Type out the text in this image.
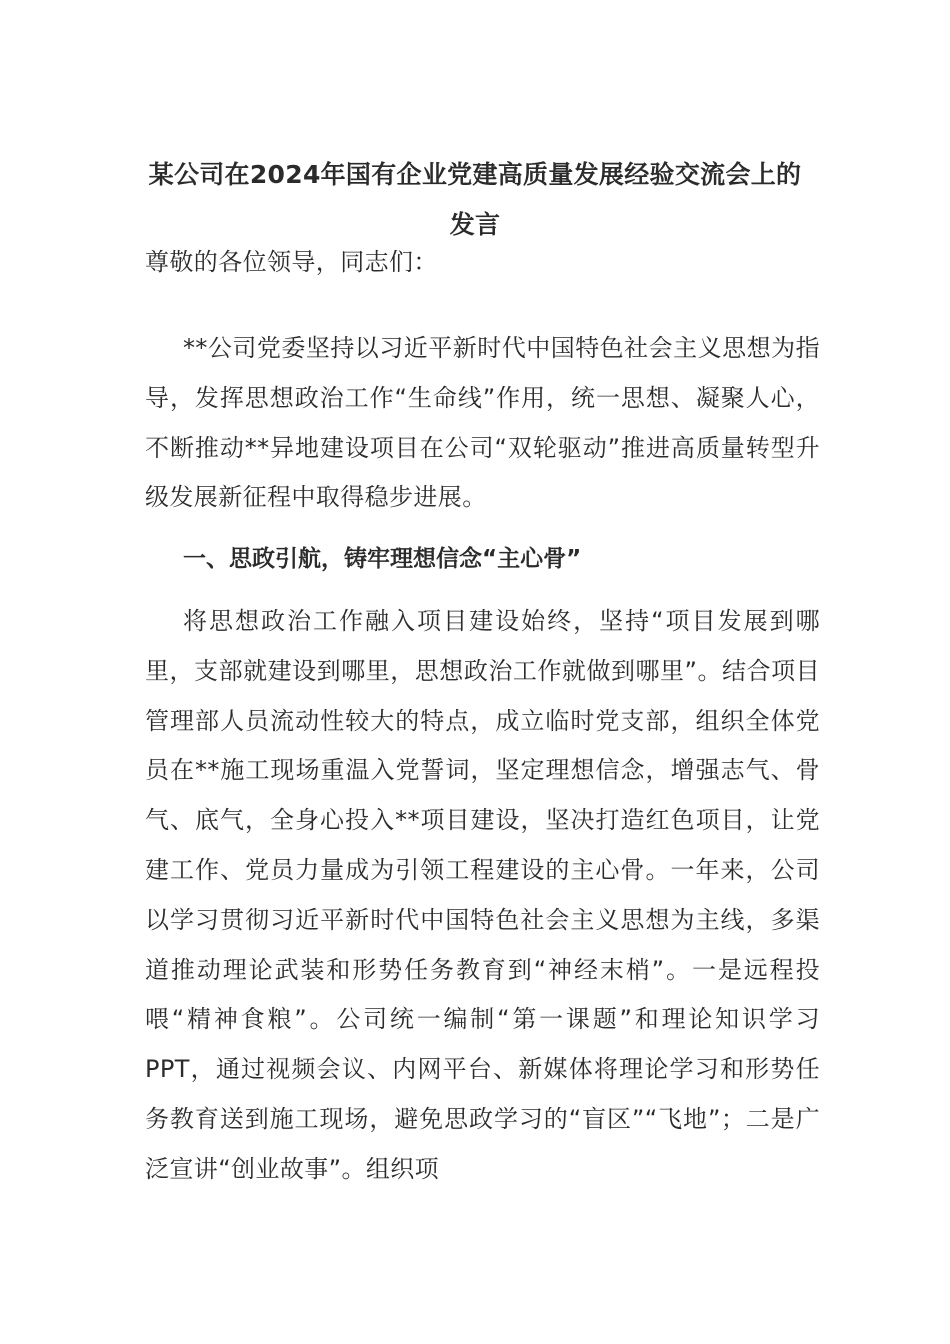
某公司在2024年国有企业党建高质量发展经验交流会上的发言

尊敬的各位领导，同志们：

**公司党委坚持以习近平新时代中国特色社会主义思想为指导，发挥思想政治工作“生命线”作用，统一思想、凝聚人心，不断推动**异地建设项目在公司“双轮驱动”推进高质量转型升级发展新征程中取得稳步进展。

一、思政引航，铸牢理想信念“主心骨”

将思想政治工作融入项目建设始终，坚持“项目发展到哪里，支部就建设到哪里，思想政治工作就做到哪里”。结合项目管理部人员流动性较大的特点，成立临时党支部，组织全体党员在**施工现场重温入党誓词，坚定理想信念，增强志气、骨气、底气，全身心投入**项目建设，坚决打造红色项目，让党建工作、党员力量成为引领工程建设的主心骨。一年来，公司以学习贯彻习近平新时代中国特色社会主义思想为主线，多渠道推动理论武装和形势任务教育到“神经末梢”。一是远程投喂“精神食粮”。公司统一编制“第一课题”和理论知识学习 PPT，通过视频会议、内网平台、新媒体将理论学习和形势任务教育送到施工现场，避免思政学习的“盲区”“飞地”；二是广泛宣讲“创业故事”。组织项
